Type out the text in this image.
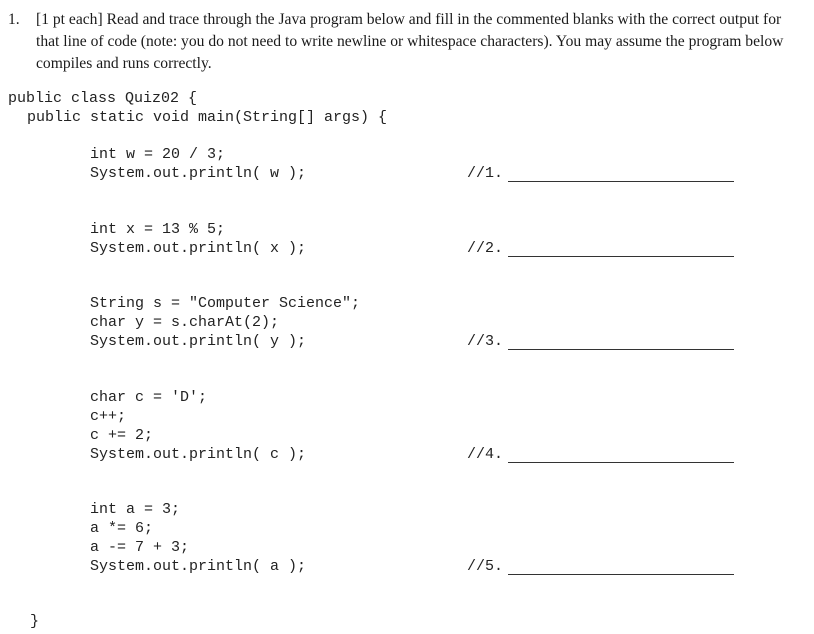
1. [1 pt each] Read and trace through the Java program below and fill in the commented blanks with the correct output for that line of code (note: you do not need to write newline or whitespace characters). You may assume the program below compiles and runs correctly.
public class Quiz02 {
public static void main(String[] args) {
int w = 20 / 3;
System.out.println( w );	//1.
int x = 13 % 5;
System.out.println( x );	//2.
String s = "Computer Science";
char y = s.charAt(2);
System.out.println( y );	//3.
char c = 'D';
c++;
c += 2;
System.out.println( c );	//4.
int a = 3;
a *= 6;
a -= 7 + 3;
System.out.println( a );	//5.
}
